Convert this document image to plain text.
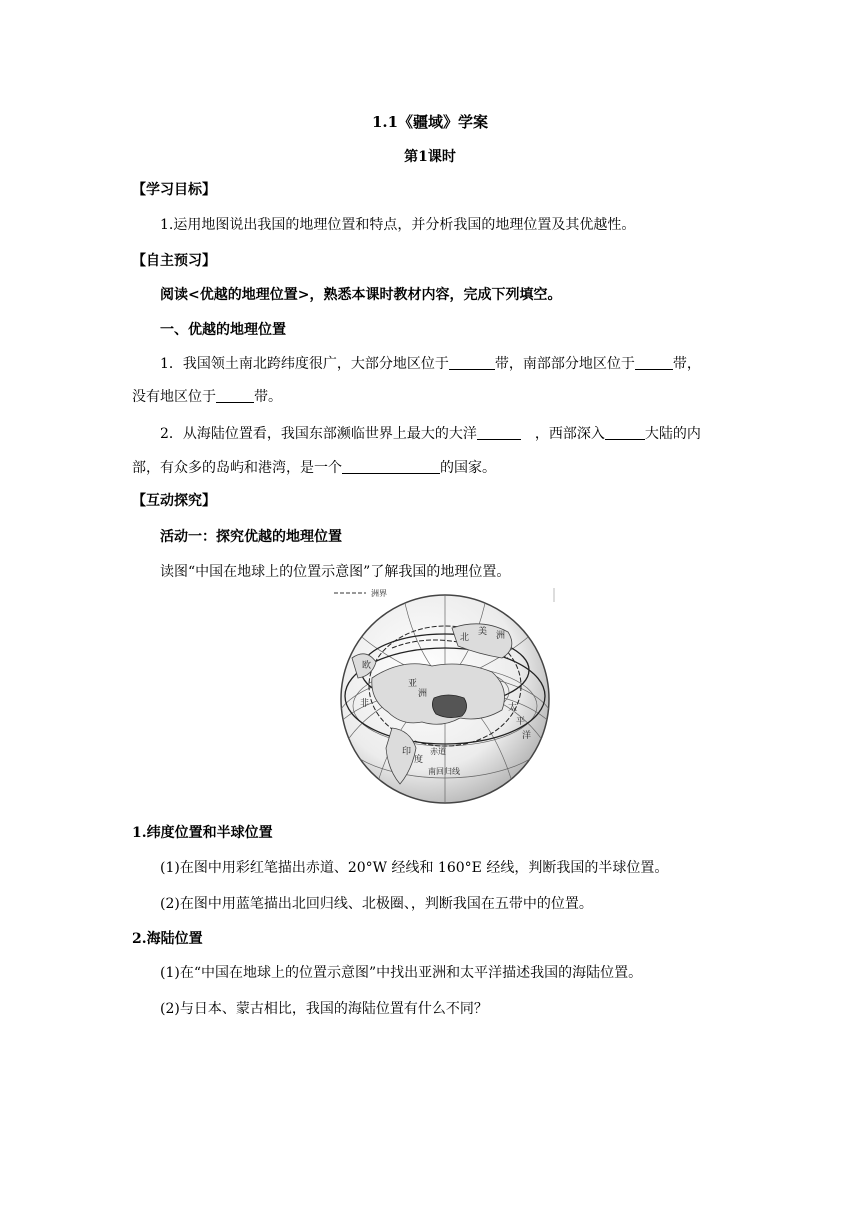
1.1《疆域》学案
第1课时
【学习目标】
1.运用地图说出我国的地理位置和特点，并分析我国的地理位置及其优越性。
【自主预习】
阅读<优越的地理位置>，熟悉本课时教材内容，完成下列填空。
一、优越的地理位置
1．我国领土南北跨纬度很广，大部分地区位于	带，南部部分地区位于	带，
没有地区位于	带。
2．从海陆位置看，我国东部濒临世界上最大的大洋	，西部深入	大陆的内
部，有众多的岛屿和港湾，是一个	的国家。
【互动探究】
活动一：探究优越的地理位置
读图“中国在地球上的位置示意图”了解我国的地理位置。
洲界
亚
洲
太
平
洋
北
美 洲
欧
非
印
度
赤道
南回归线
1.纬度位置和半球位置
(1)在图中用彩红笔描出赤道、20°W 经线和 160°E 经线，判断我国的半球位置。
(2)在图中用蓝笔描出北回归线、北极圈、，判断我国在五带中的位置。
2.海陆位置
(1)在“中国在地球上的位置示意图”中找出亚洲和太平洋描述我国的海陆位置。
(2)与日本、蒙古相比，我国的海陆位置有什么不同？
